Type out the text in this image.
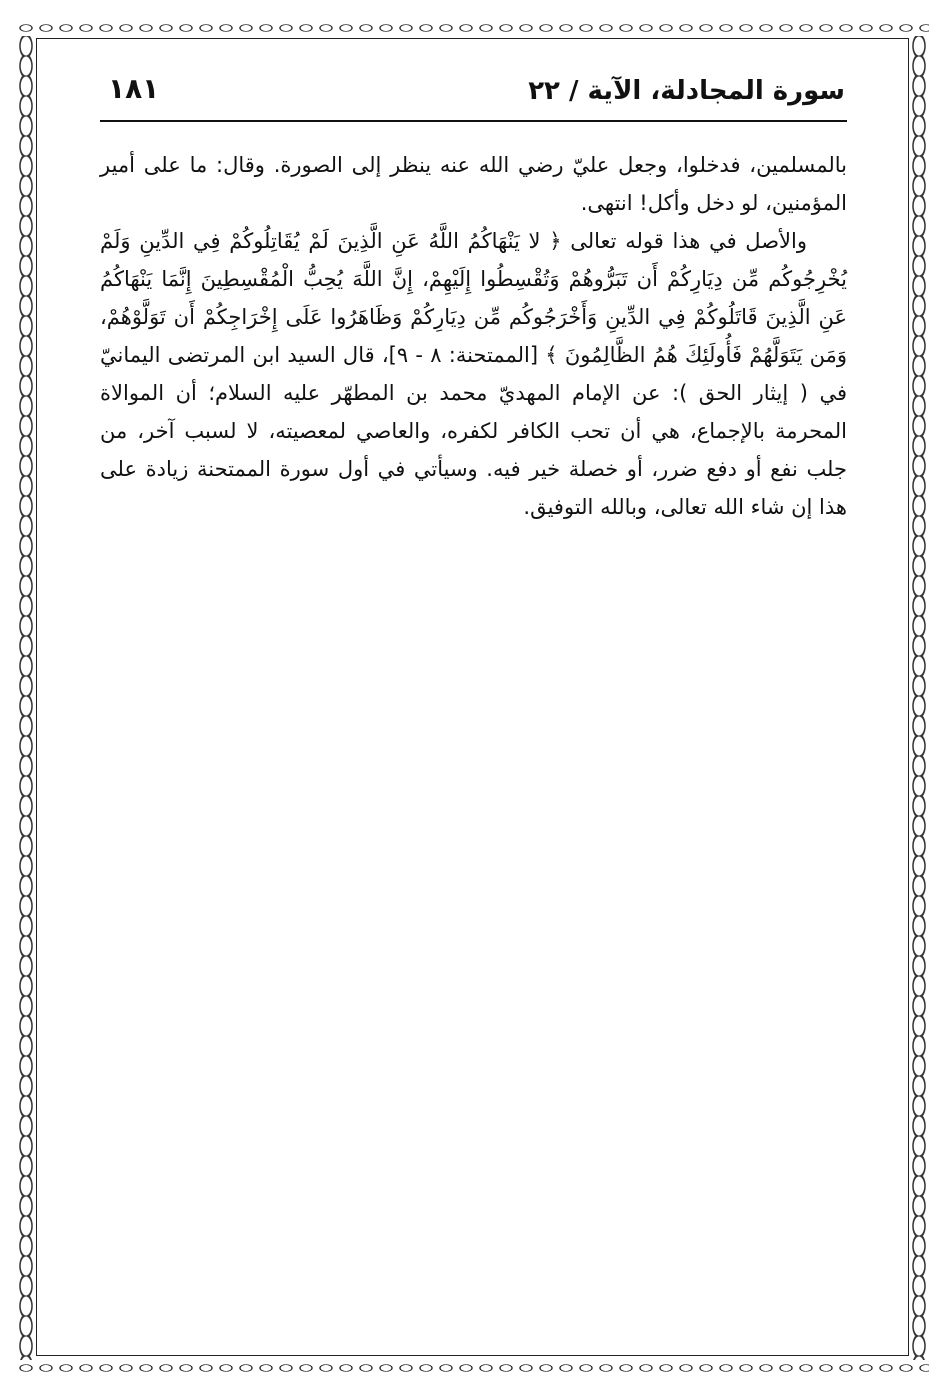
١٨١	سورة المجادلة، الآية / ٢٢

بالمسلمين، فدخلوا، وجعل عليّ رضي الله عنه ينظر إلى الصورة. وقال: ما على أمير المؤمنين، لو دخل وأكل! انتهى.

والأصل في هذا قوله تعالى ﴿ لا يَنْهَاكُمُ اللَّهُ عَنِ الَّذِينَ لَمْ يُقَاتِلُوكُمْ فِي الدِّينِ وَلَمْ يُخْرِجُوكُم مِّن دِيَارِكُمْ أَن تَبَرُّوهُمْ وَتُقْسِطُوا إِلَيْهِمْ، إِنَّ اللَّهَ يُحِبُّ الْمُقْسِطِينَ إِنَّمَا يَنْهَاكُمُ عَنِ الَّذِينَ قَاتَلُوكُمْ فِي الدِّينِ وَأَخْرَجُوكُم مِّن دِيَارِكُمْ وَظَاهَرُوا عَلَى إِخْرَاجِكُمْ أَن تَوَلَّوْهُمْ، وَمَن يَتَوَلَّهُمْ فَأُولَئِكَ هُمُ الظَّالِمُونَ ﴾ [الممتحنة: ٨ - ٩]، قال السيد ابن المرتضى اليمانيّ في ( إيثار الحق ): عن الإمام المهديّ محمد بن المطهّر عليه السلام؛ أن الموالاة المحرمة بالإجماع، هي أن تحب الكافر لكفره، والعاصي لمعصيته، لا لسبب آخر، من جلب نفع أو دفع ضرر، أو خصلة خير فيه. وسيأتي في أول سورة الممتحنة زيادة على هذا إن شاء الله تعالى، وبالله التوفيق.
